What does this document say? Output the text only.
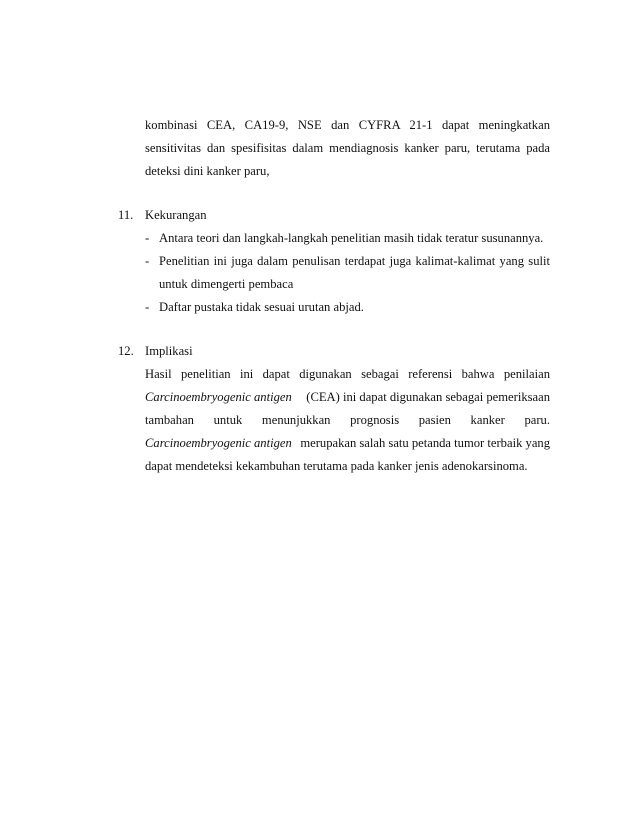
kombinasi CEA, CA19-9, NSE dan CYFRA 21-1 dapat meningkatkan
sensitivitas dan spesifisitas dalam mendiagnosis kanker paru, terutama pada
deteksi dini kanker paru,
11. Kekurangan
- Antara teori dan langkah-langkah penelitian masih tidak teratur susunannya.
- Penelitian ini juga dalam penulisan terdapat juga kalimat-kalimat yang sulit
untuk dimengerti pembaca
- Daftar pustaka tidak sesuai urutan abjad.
12. Implikasi
Hasil penelitian ini dapat digunakan sebagai referensi bahwa penilaian
Carcinoembryogenic antigen (CEA) ini dapat digunakan sebagai pemeriksaan
tambahan untuk menunjukkan prognosis pasien kanker paru.
Carcinoembryogenic antigen merupakan salah satu petanda tumor terbaik yang
dapat mendeteksi kekambuhan terutama pada kanker jenis adenokarsinoma.
